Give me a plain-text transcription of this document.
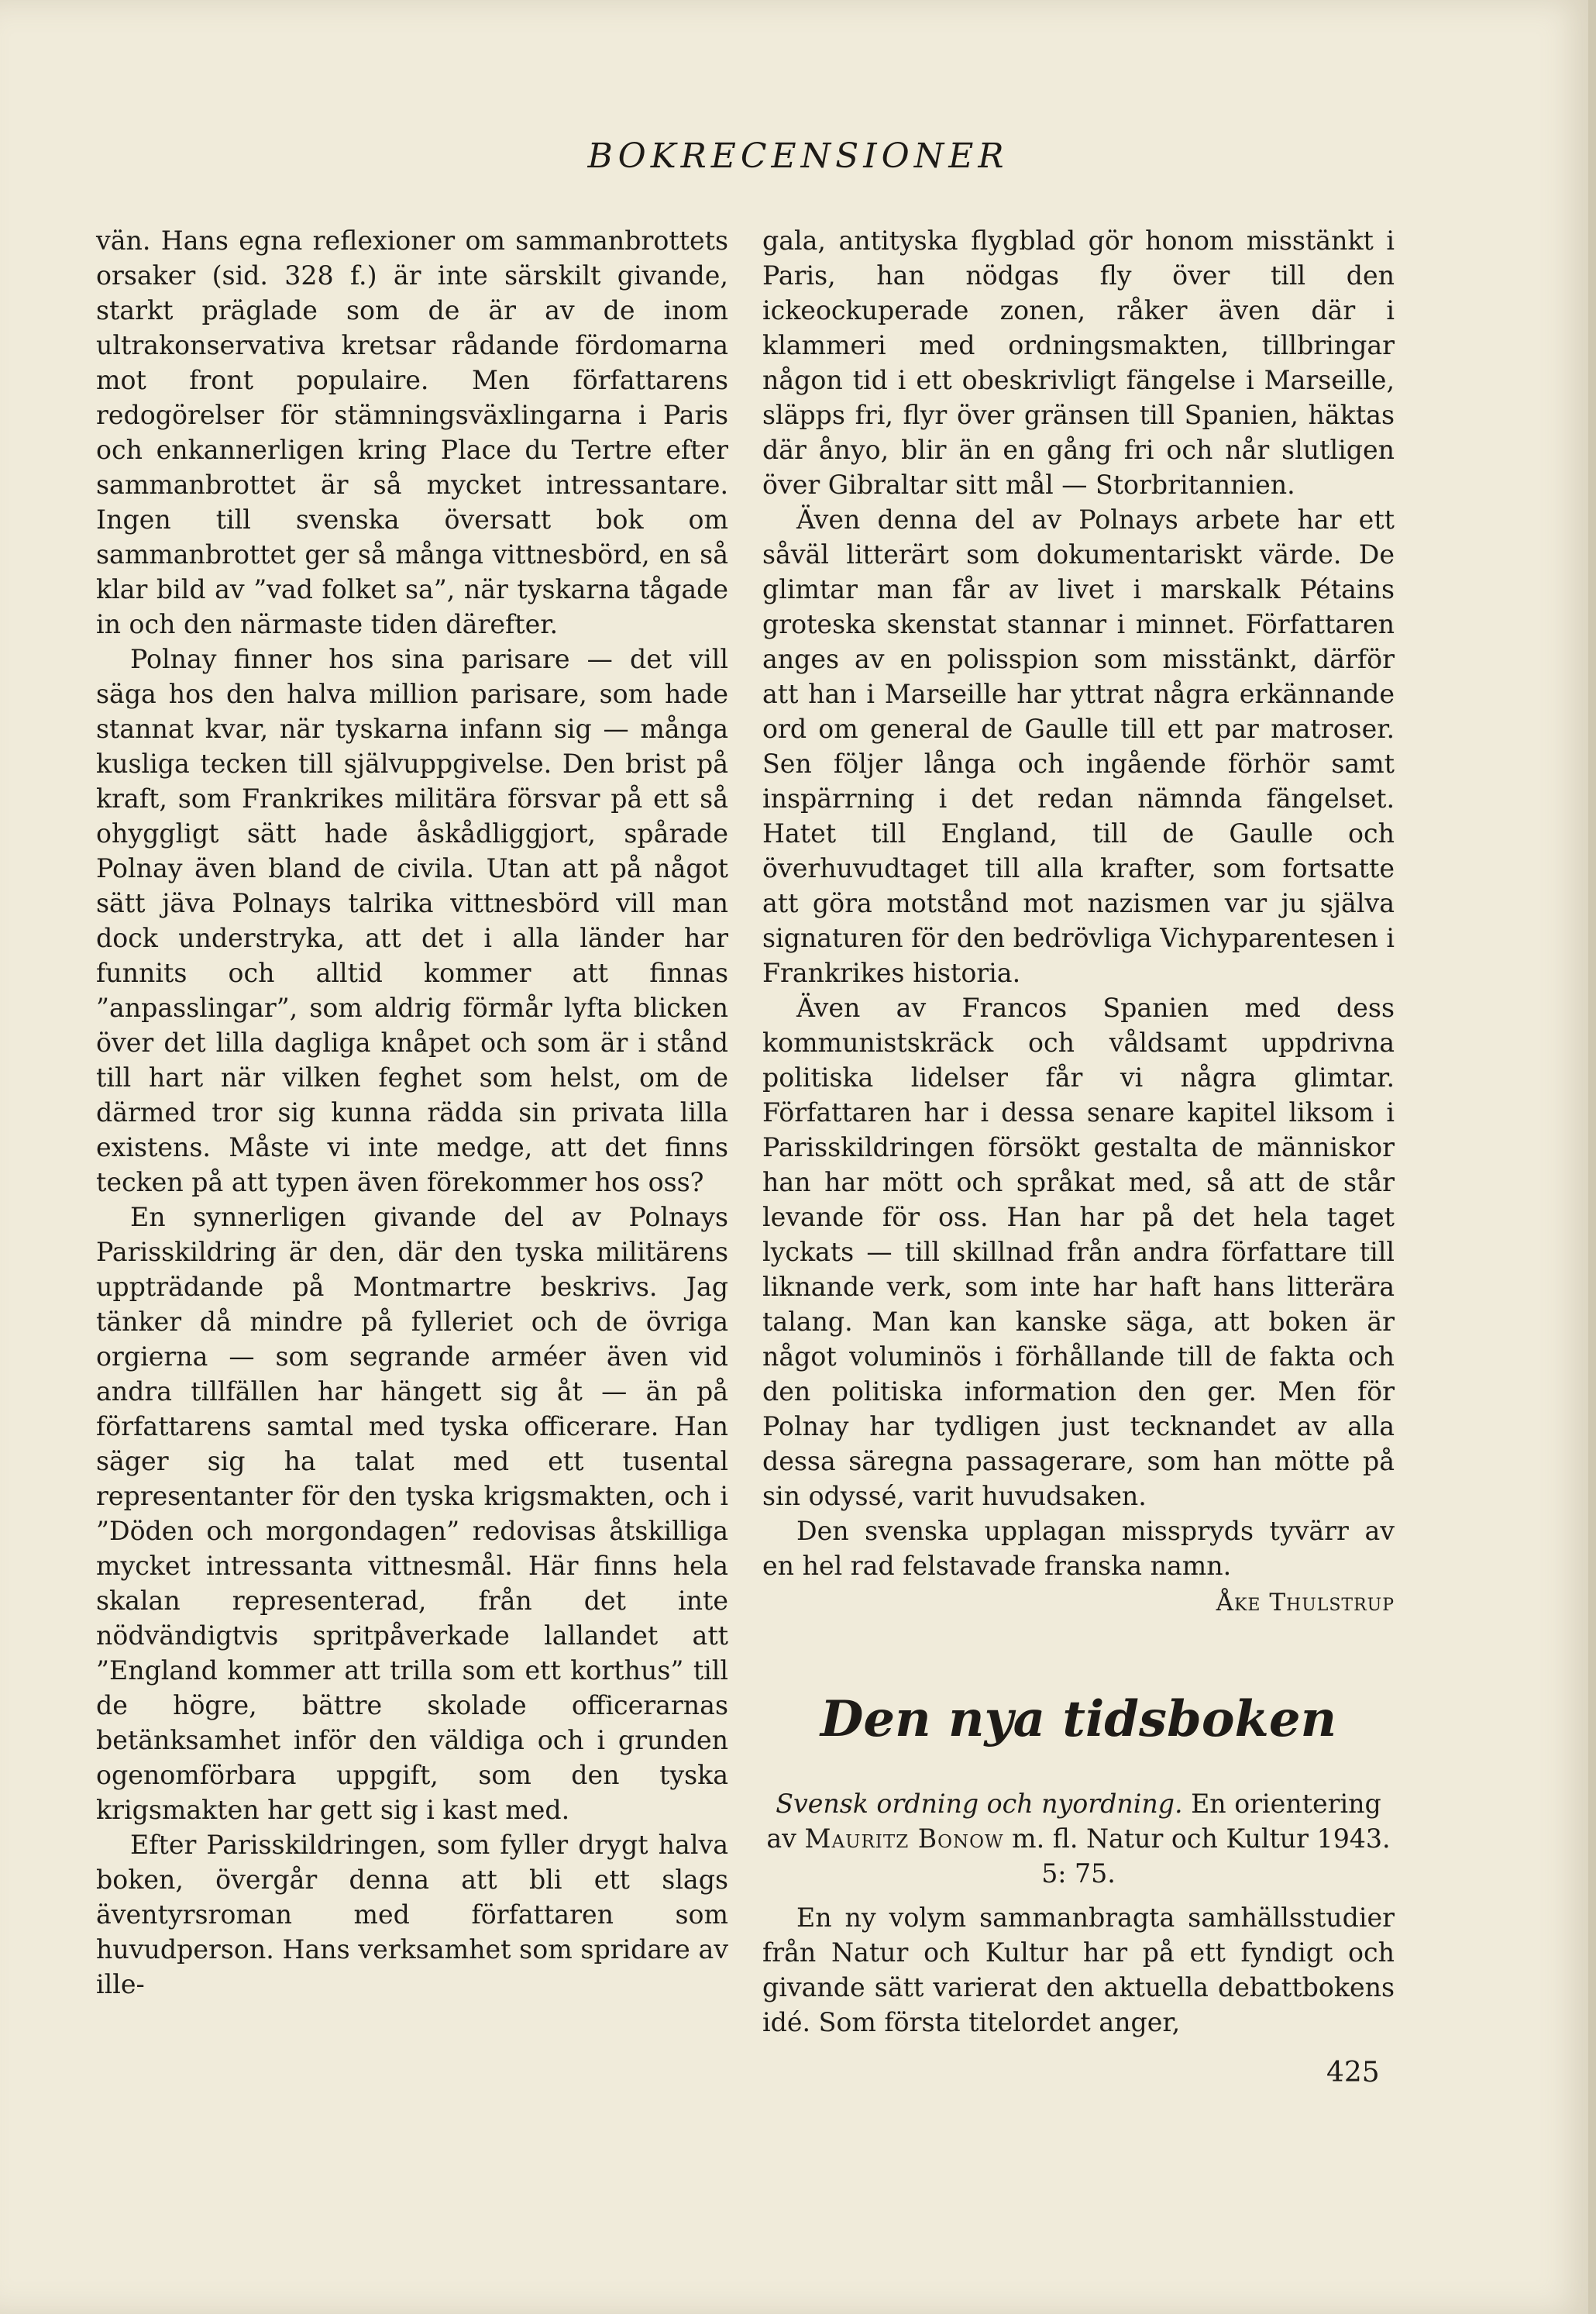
BOKRECENSIONER

vän. Hans egna reflexioner om sammanbrottets orsaker (sid. 328 f.) är inte särskilt givande, starkt präglade som de är av de inom ultrakonservativa kretsar rådande fördomarna mot front populaire. Men författarens redogörelser för stämningsväxlingarna i Paris och enkannerligen kring Place du Tertre efter sammanbrottet är så mycket intressantare. Ingen till svenska översatt bok om sammanbrottet ger så många vittnesbörd, en så klar bild av ”vad folket sa”, när tyskarna tågade in och den närmaste tiden därefter.

Polnay finner hos sina parisare — det vill säga hos den halva million parisare, som hade stannat kvar, när tyskarna infann sig — många kusliga tecken till självuppgivelse. Den brist på kraft, som Frankrikes militära försvar på ett så ohyggligt sätt hade åskådliggjort, spårade Polnay även bland de civila. Utan att på något sätt jäva Polnays talrika vittnesbörd vill man dock understryka, att det i alla länder har funnits och alltid kommer att finnas ”anpasslingar”, som aldrig förmår lyfta blicken över det lilla dagliga knåpet och som är i stånd till hart när vilken feghet som helst, om de därmed tror sig kunna rädda sin privata lilla existens. Måste vi inte medge, att det finns tecken på att typen även förekommer hos oss?

En synnerligen givande del av Polnays Parisskildring är den, där den tyska militärens uppträdande på Montmartre beskrivs. Jag tänker då mindre på fylleriet och de övriga orgierna — som segrande arméer även vid andra tillfällen har hängett sig åt — än på författarens samtal med tyska officerare. Han säger sig ha talat med ett tusental representanter för den tyska krigsmakten, och i ”Döden och morgondagen” redovisas åtskilliga mycket intressanta vittnesmål. Här finns hela skalan representerad, från det inte nödvändigtvis spritpåverkade lallandet att ”England kommer att trilla som ett korthus” till de högre, bättre skolade officerarnas betänksamhet inför den väldiga och i grunden ogenomförbara uppgift, som den tyska krigsmakten har gett sig i kast med.

Efter Parisskildringen, som fyller drygt halva boken, övergår denna att bli ett slags äventyrsroman med författaren som huvudperson. Hans verksamhet som spridare av ille-

gala, antityska flygblad gör honom misstänkt i Paris, han nödgas fly över till den ickeockuperade zonen, råker även där i klammeri med ordningsmakten, tillbringar någon tid i ett obeskrivligt fängelse i Marseille, släpps fri, flyr över gränsen till Spanien, häktas där ånyo, blir än en gång fri och når slutligen över Gibraltar sitt mål — Storbritannien.

Även denna del av Polnays arbete har ett såväl litterärt som dokumentariskt värde. De glimtar man får av livet i marskalk Pétains groteska skenstat stannar i minnet. Författaren anges av en polisspion som misstänkt, därför att han i Marseille har yttrat några erkännande ord om general de Gaulle till ett par matroser. Sen följer långa och ingående förhör samt inspärrning i det redan nämnda fängelset. Hatet till England, till de Gaulle och överhuvudtaget till alla krafter, som fortsatte att göra motstånd mot nazismen var ju själva signaturen för den bedrövliga Vichyparentesen i Frankrikes historia.

Även av Francos Spanien med dess kommunistskräck och våldsamt uppdrivna politiska lidelser får vi några glimtar. Författaren har i dessa senare kapitel liksom i Parisskildringen försökt gestalta de människor han har mött och språkat med, så att de står levande för oss. Han har på det hela taget lyckats — till skillnad från andra författare till liknande verk, som inte har haft hans litterära talang. Man kan kanske säga, att boken är något voluminös i förhållande till de fakta och den politiska information den ger. Men för Polnay har tydligen just tecknandet av alla dessa säregna passagerare, som han mötte på sin odyssé, varit huvudsaken.

Den svenska upplagan misspryds tyvärr av en hel rad felstavade franska namn.

Åke Thulstrup
Den nya tidsboken
Svensk ordning och nyordning. En orientering av Mauritz Bonow m. fl. Natur och Kultur 1943. 5: 75.

En ny volym sammanbragta samhällsstudier från Natur och Kultur har på ett fyndigt och givande sätt varierat den aktuella debattbokens idé. Som första titelordet anger,

425
